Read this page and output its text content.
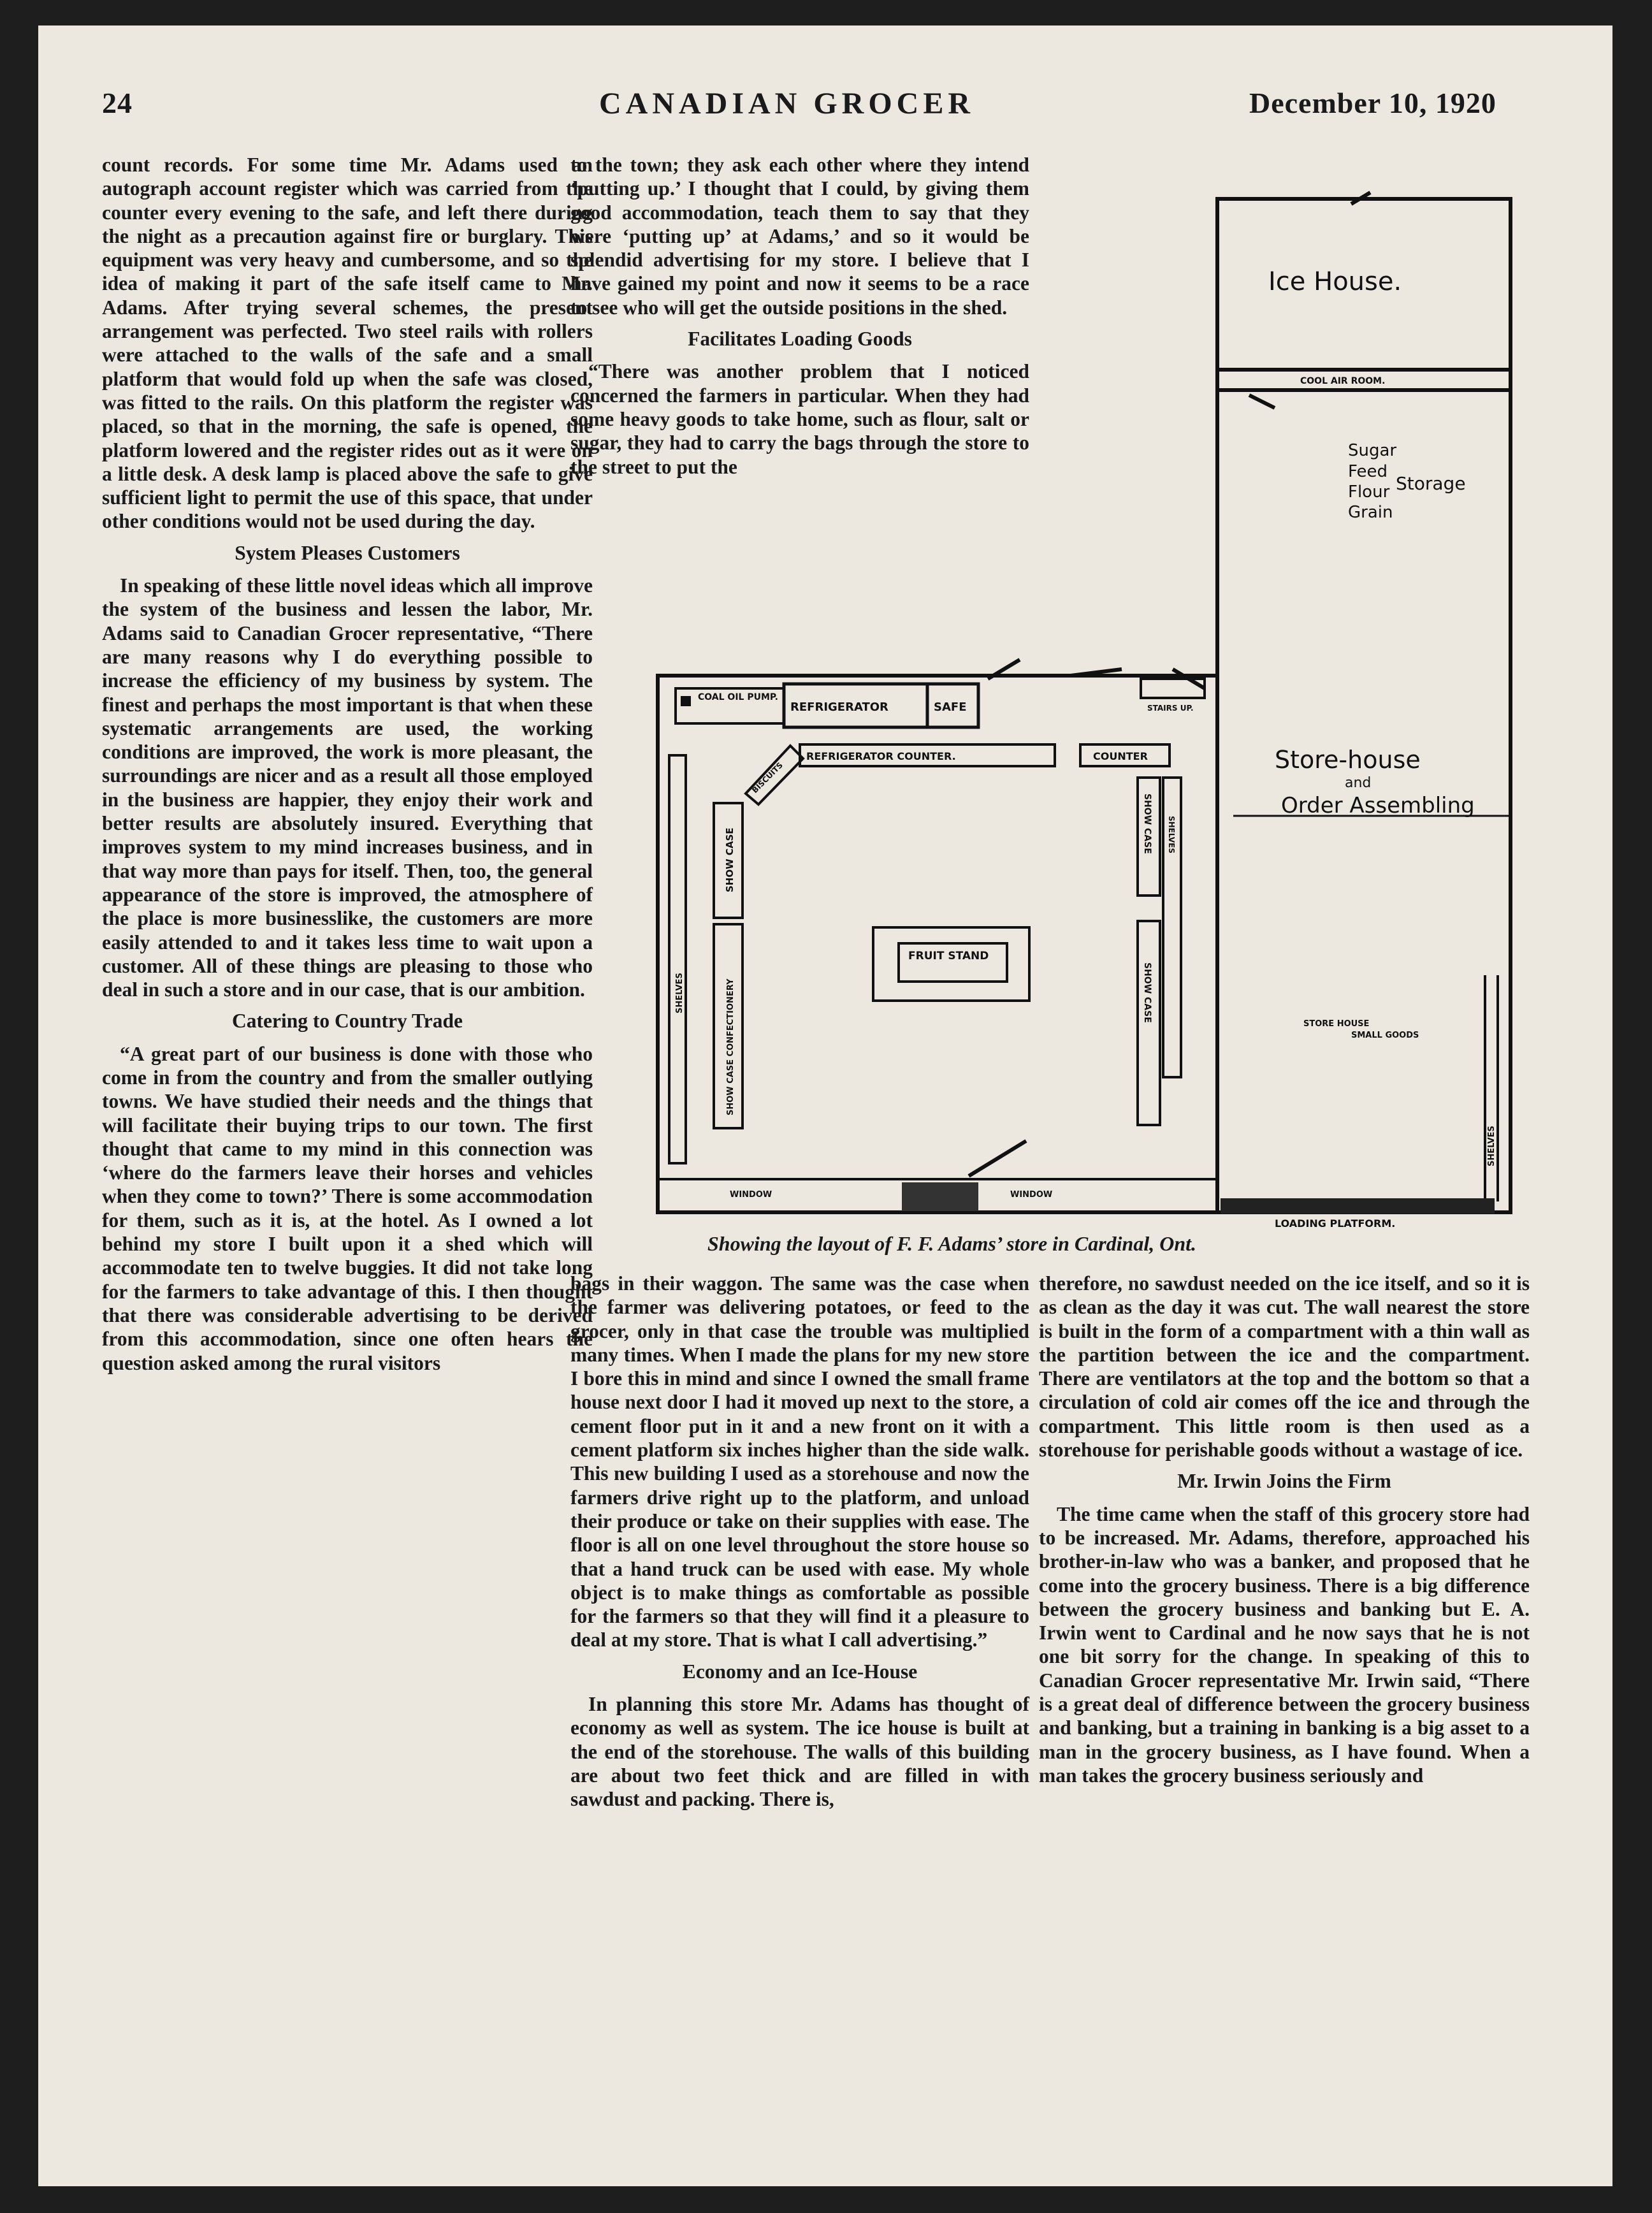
24	CANADIAN GROCER	December 10, 1920

count records. For some time Mr. Adams used an autograph account register which was carried from the counter every evening to the safe, and left there during the night as a precaution against fire or burglary. This equipment was very heavy and cumbersome, and so the idea of making it part of the safe itself came to Mr. Adams. After trying several schemes, the present arrangement was perfected. Two steel rails with rollers were attached to the walls of the safe and a small platform that would fold up when the safe was closed, was fitted to the rails. On this platform the register was placed, so that in the morning, the safe is opened, the platform lowered and the register rides out as it were on a little desk. A desk lamp is placed above the safe to give sufficient light to permit the use of this space, that under other conditions would not be used during the day.

System Pleases Customers

In speaking of these little novel ideas which all improve the system of the business and lessen the labor, Mr. Adams said to Canadian Grocer representative, “There are many reasons why I do everything possible to increase the efficiency of my business by system. The finest and perhaps the most important is that when these systematic arrangements are used, the working conditions are improved, the work is more pleasant, the surroundings are nicer and as a result all those employed in the business are happier, they enjoy their work and better results are absolutely insured. Everything that improves system to my mind increases business, and in that way more than pays for itself. Then, too, the general appearance of the store is improved, the atmosphere of the place is more businesslike, the customers are more easily attended to and it takes less time to wait upon a customer. All of these things are pleasing to those who deal in such a store and in our case, that is our ambition.

Catering to Country Trade

“A great part of our business is done with those who come in from the country and from the smaller outlying towns. We have studied their needs and the things that will facilitate their buying trips to our town. The first thought that came to my mind in this connection was ‘where do the farmers leave their horses and vehicles when they come to town?’ There is some accommodation for them, such as it is, at the hotel. As I owned a lot behind my store I built upon it a shed which will accommodate ten to twelve buggies. It did not take long for the farmers to take advantage of this. I then thought that there was considerable advertising to be derived from this accommodation, since one often hears the question asked among the rural visitors

to the town; they ask each other where they intend ‘putting up.’ I thought that I could, by giving them good accommodation, teach them to say that they were ‘putting up’ at Adams,’ and so it would be splendid advertising for my store. I believe that I have gained my point and now it seems to be a race to see who will get the outside positions in the shed.

Facilitates Loading Goods

“There was another problem that I noticed concerned the farmers in particular. When they had some heavy goods to take home, such as flour, salt or sugar, they had to carry the bags through the store to the street to put the

Ice House.
COOL AIR ROOM.
Sugar
Feed
Flour
Grain
Storage
Store-house
and
Order Assembling
STORE HOUSE
SMALL GOODS
SHELVES
LOADING PLATFORM.
COAL OIL PUMP.
REFRIGERATOR	SAFE	STAIRS UP.
REFRIGERATOR COUNTER.	COUNTER
BISCUITS
SHOW CASE
SHOW CASE CONFECTIONERY
SHELVES
SHOW CASE
SHOW CASE
SHELVES
FRUIT STAND
WINDOW	WINDOW
Showing the layout of F. F. Adams’ store in Cardinal, Ont.

bags in their waggon. The same was the case when the farmer was delivering potatoes, or feed to the grocer, only in that case the trouble was multiplied many times. When I made the plans for my new store I bore this in mind and since I owned the small frame house next door I had it moved up next to the store, a cement floor put in it and a new front on it with a cement platform six inches higher than the side walk. This new building I used as a storehouse and now the farmers drive right up to the platform, and unload their produce or take on their supplies with ease. The floor is all on one level throughout the store house so that a hand truck can be used with ease. My whole object is to make things as comfortable as possible for the farmers so that they will find it a pleasure to deal at my store. That is what I call advertising.”

Economy and an Ice-House

In planning this store Mr. Adams has thought of economy as well as system. The ice house is built at the end of the storehouse. The walls of this building are about two feet thick and are filled in with sawdust and packing. There is,

therefore, no sawdust needed on the ice itself, and so it is as clean as the day it was cut. The wall nearest the store is built in the form of a compartment with a thin wall as the partition between the ice and the compartment. There are ventilators at the top and the bottom so that a circulation of cold air comes off the ice and through the compartment. This little room is then used as a storehouse for perishable goods without a wastage of ice.

Mr. Irwin Joins the Firm

The time came when the staff of this grocery store had to be increased. Mr. Adams, therefore, approached his brother-in-law who was a banker, and proposed that he come into the grocery business. There is a big difference between the grocery business and banking but E. A. Irwin went to Cardinal and he now says that he is not one bit sorry for the change. In speaking of this to Canadian Grocer representative Mr. Irwin said, “There is a great deal of difference between the grocery business and banking, but a training in banking is a big asset to a man in the grocery business, as I have found. When a man takes the grocery business seriously and
